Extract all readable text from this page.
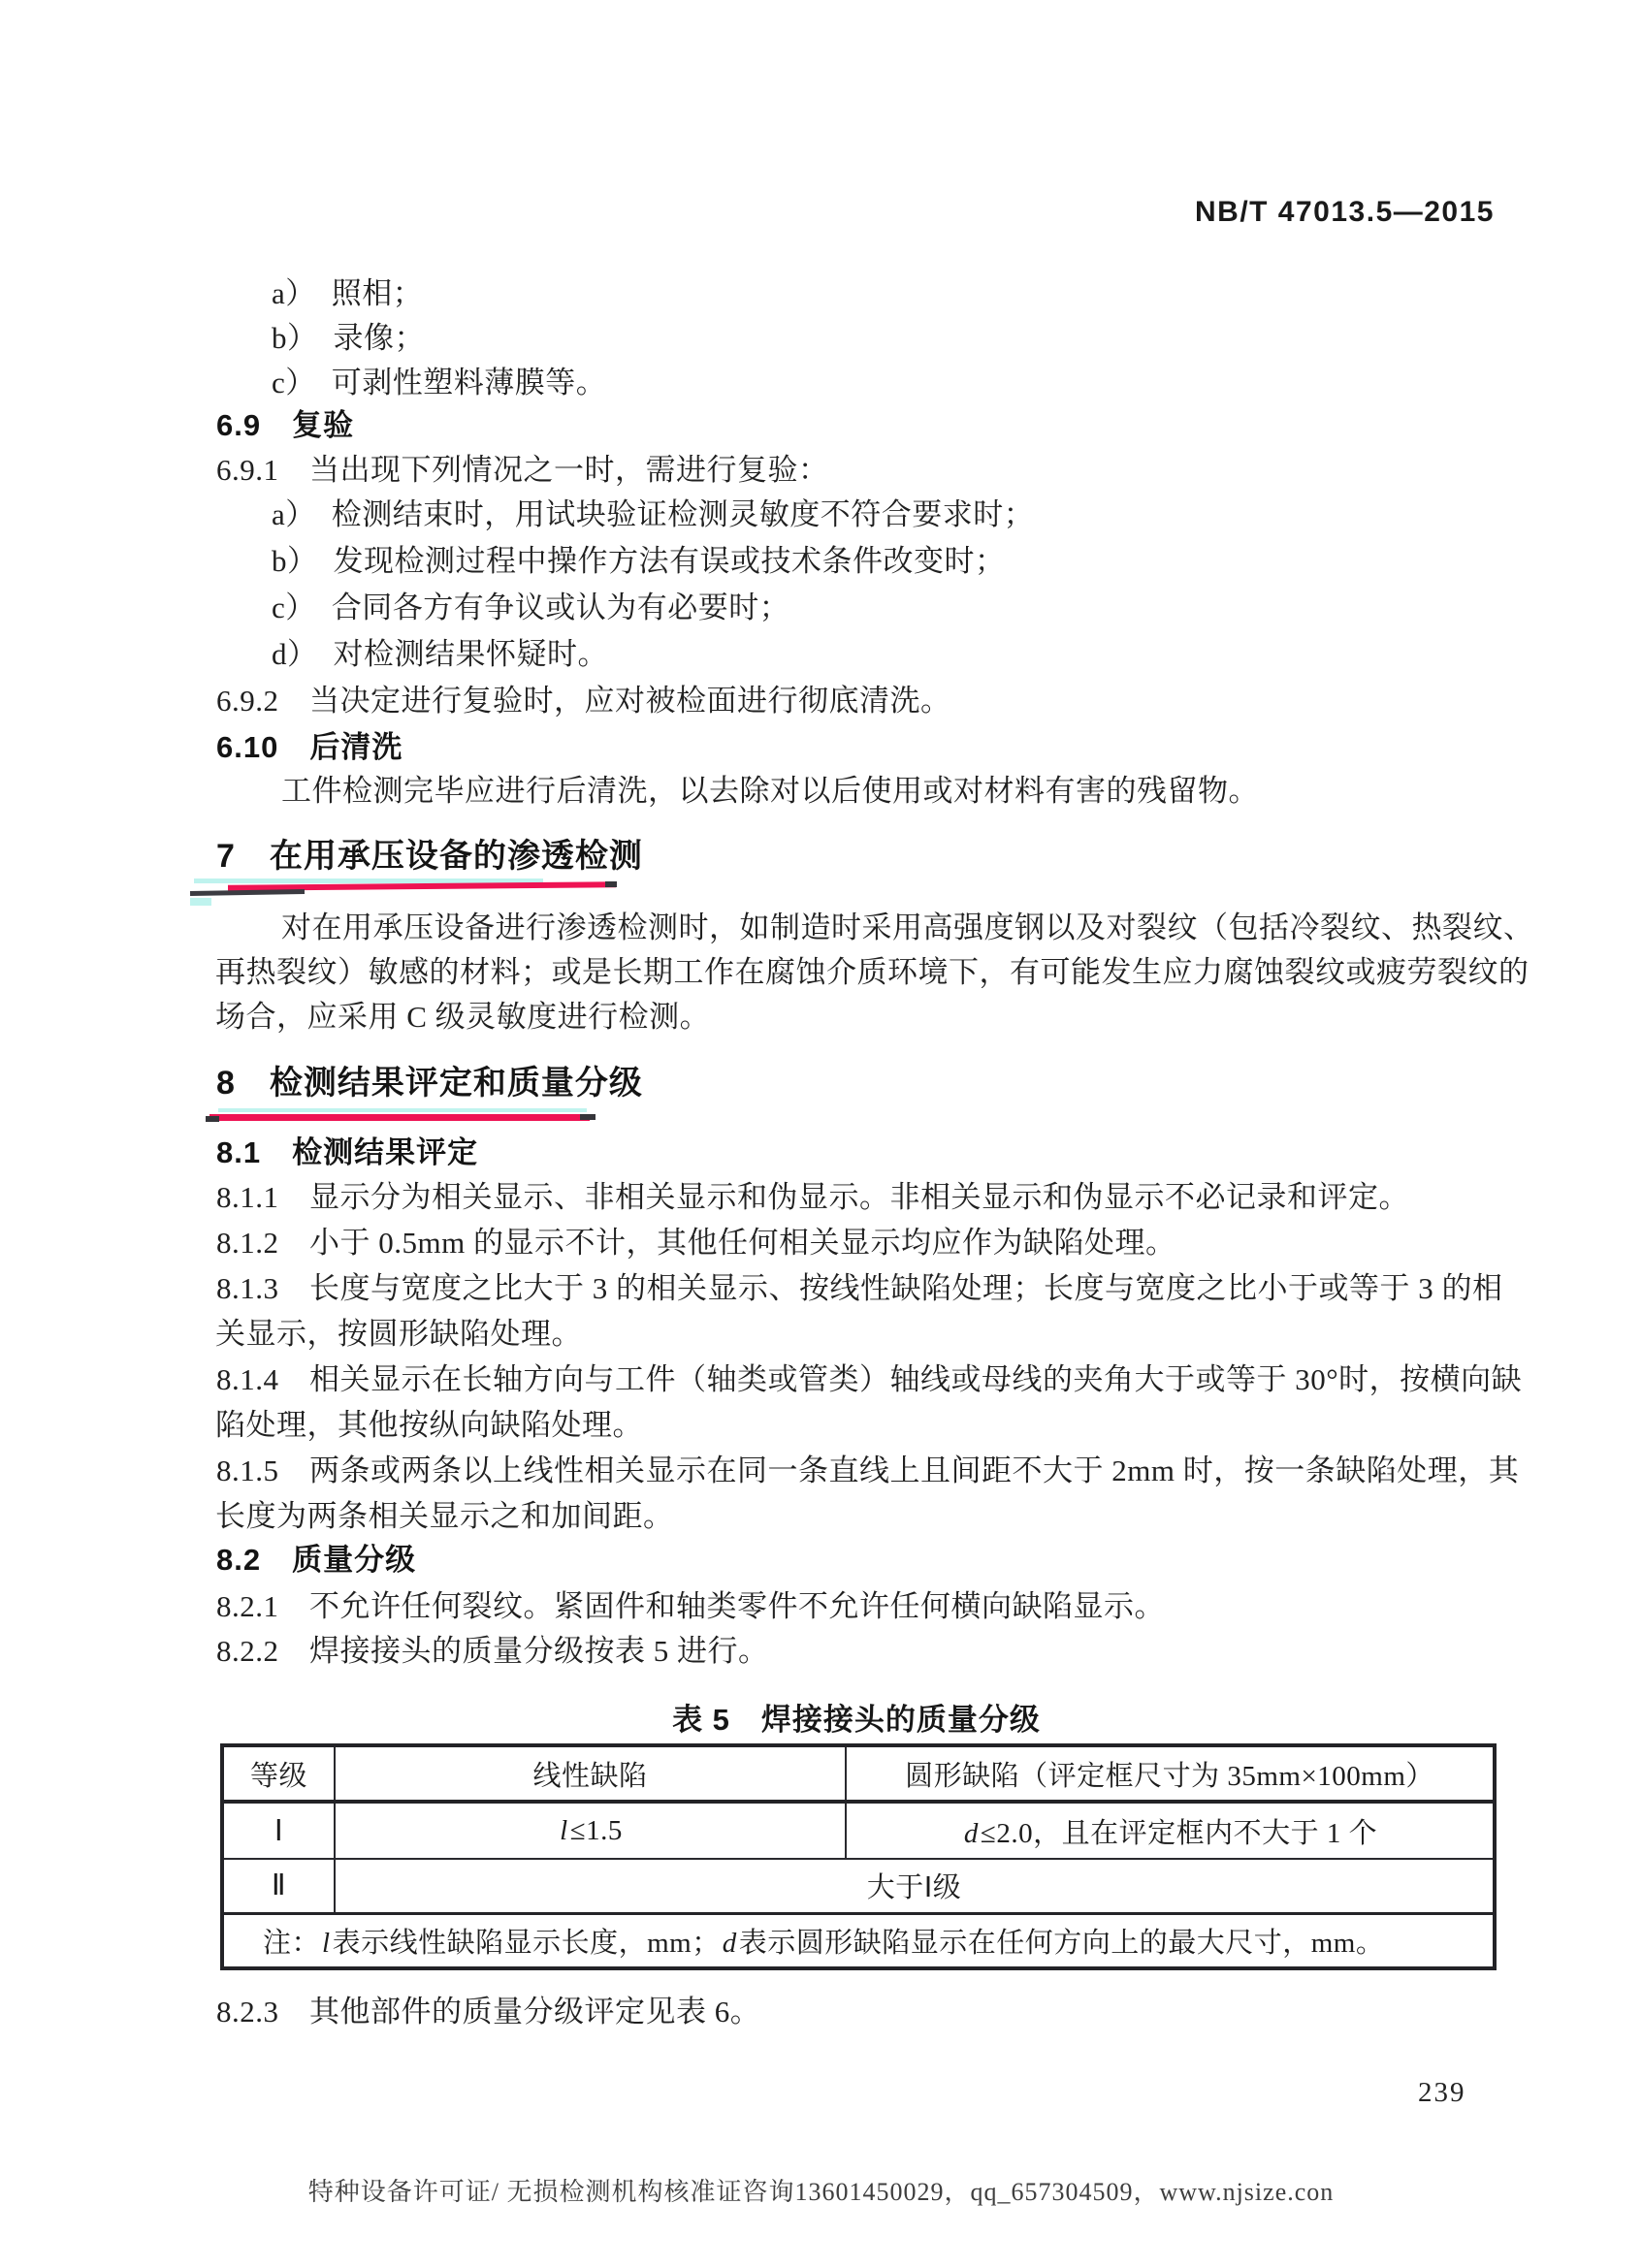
NB/T 47013.5—2015
a）　照相；
b）　录像；
c）　可剥性塑料薄膜等。
6.9　复验
6.9.1　当出现下列情况之一时，需进行复验：
a）　检测结束时，用试块验证检测灵敏度不符合要求时；
b）　发现检测过程中操作方法有误或技术条件改变时；
c）　合同各方有争议或认为有必要时；
d）　对检测结果怀疑时。
6.9.2　当决定进行复验时，应对被检面进行彻底清洗。
6.10　后清洗
工件检测完毕应进行后清洗，以去除对以后使用或对材料有害的残留物。
7　在用承压设备的渗透检测
对在用承压设备进行渗透检测时，如制造时采用高强度钢以及对裂纹（包括冷裂纹、热裂纹、
再热裂纹）敏感的材料；或是长期工作在腐蚀介质环境下，有可能发生应力腐蚀裂纹或疲劳裂纹的
场合，应采用 C 级灵敏度进行检测。
8　检测结果评定和质量分级
8.1　检测结果评定
8.1.1　显示分为相关显示、非相关显示和伪显示。非相关显示和伪显示不必记录和评定。
8.1.2　小于 0.5mm 的显示不计，其他任何相关显示均应作为缺陷处理。
8.1.3　长度与宽度之比大于 3 的相关显示、按线性缺陷处理；长度与宽度之比小于或等于 3 的相
关显示，按圆形缺陷处理。
8.1.4　相关显示在长轴方向与工件（轴类或管类）轴线或母线的夹角大于或等于 30°时，按横向缺
陷处理，其他按纵向缺陷处理。
8.1.5　两条或两条以上线性相关显示在同一条直线上且间距不大于 2mm 时，按一条缺陷处理，其
长度为两条相关显示之和加间距。
8.2　质量分级
8.2.1　不允许任何裂纹。紧固件和轴类零件不允许任何横向缺陷显示。
8.2.2　焊接接头的质量分级按表 5 进行。
表 5　焊接接头的质量分级
等级	线性缺陷	圆形缺陷（评定框尺寸为 35mm×100mm）
Ⅰ	l≤1.5	d≤2.0，且在评定框内不大于 1 个
Ⅱ	大于Ⅰ级	
注：l表示线性缺陷显示长度，mm；d表示圆形缺陷显示在任何方向上的最大尺寸，mm。		
8.2.3　其他部件的质量分级评定见表 6。
239
特种设备许可证/ 无损检测机构核准证咨询13601450029，qq_657304509，www.njsize.con
